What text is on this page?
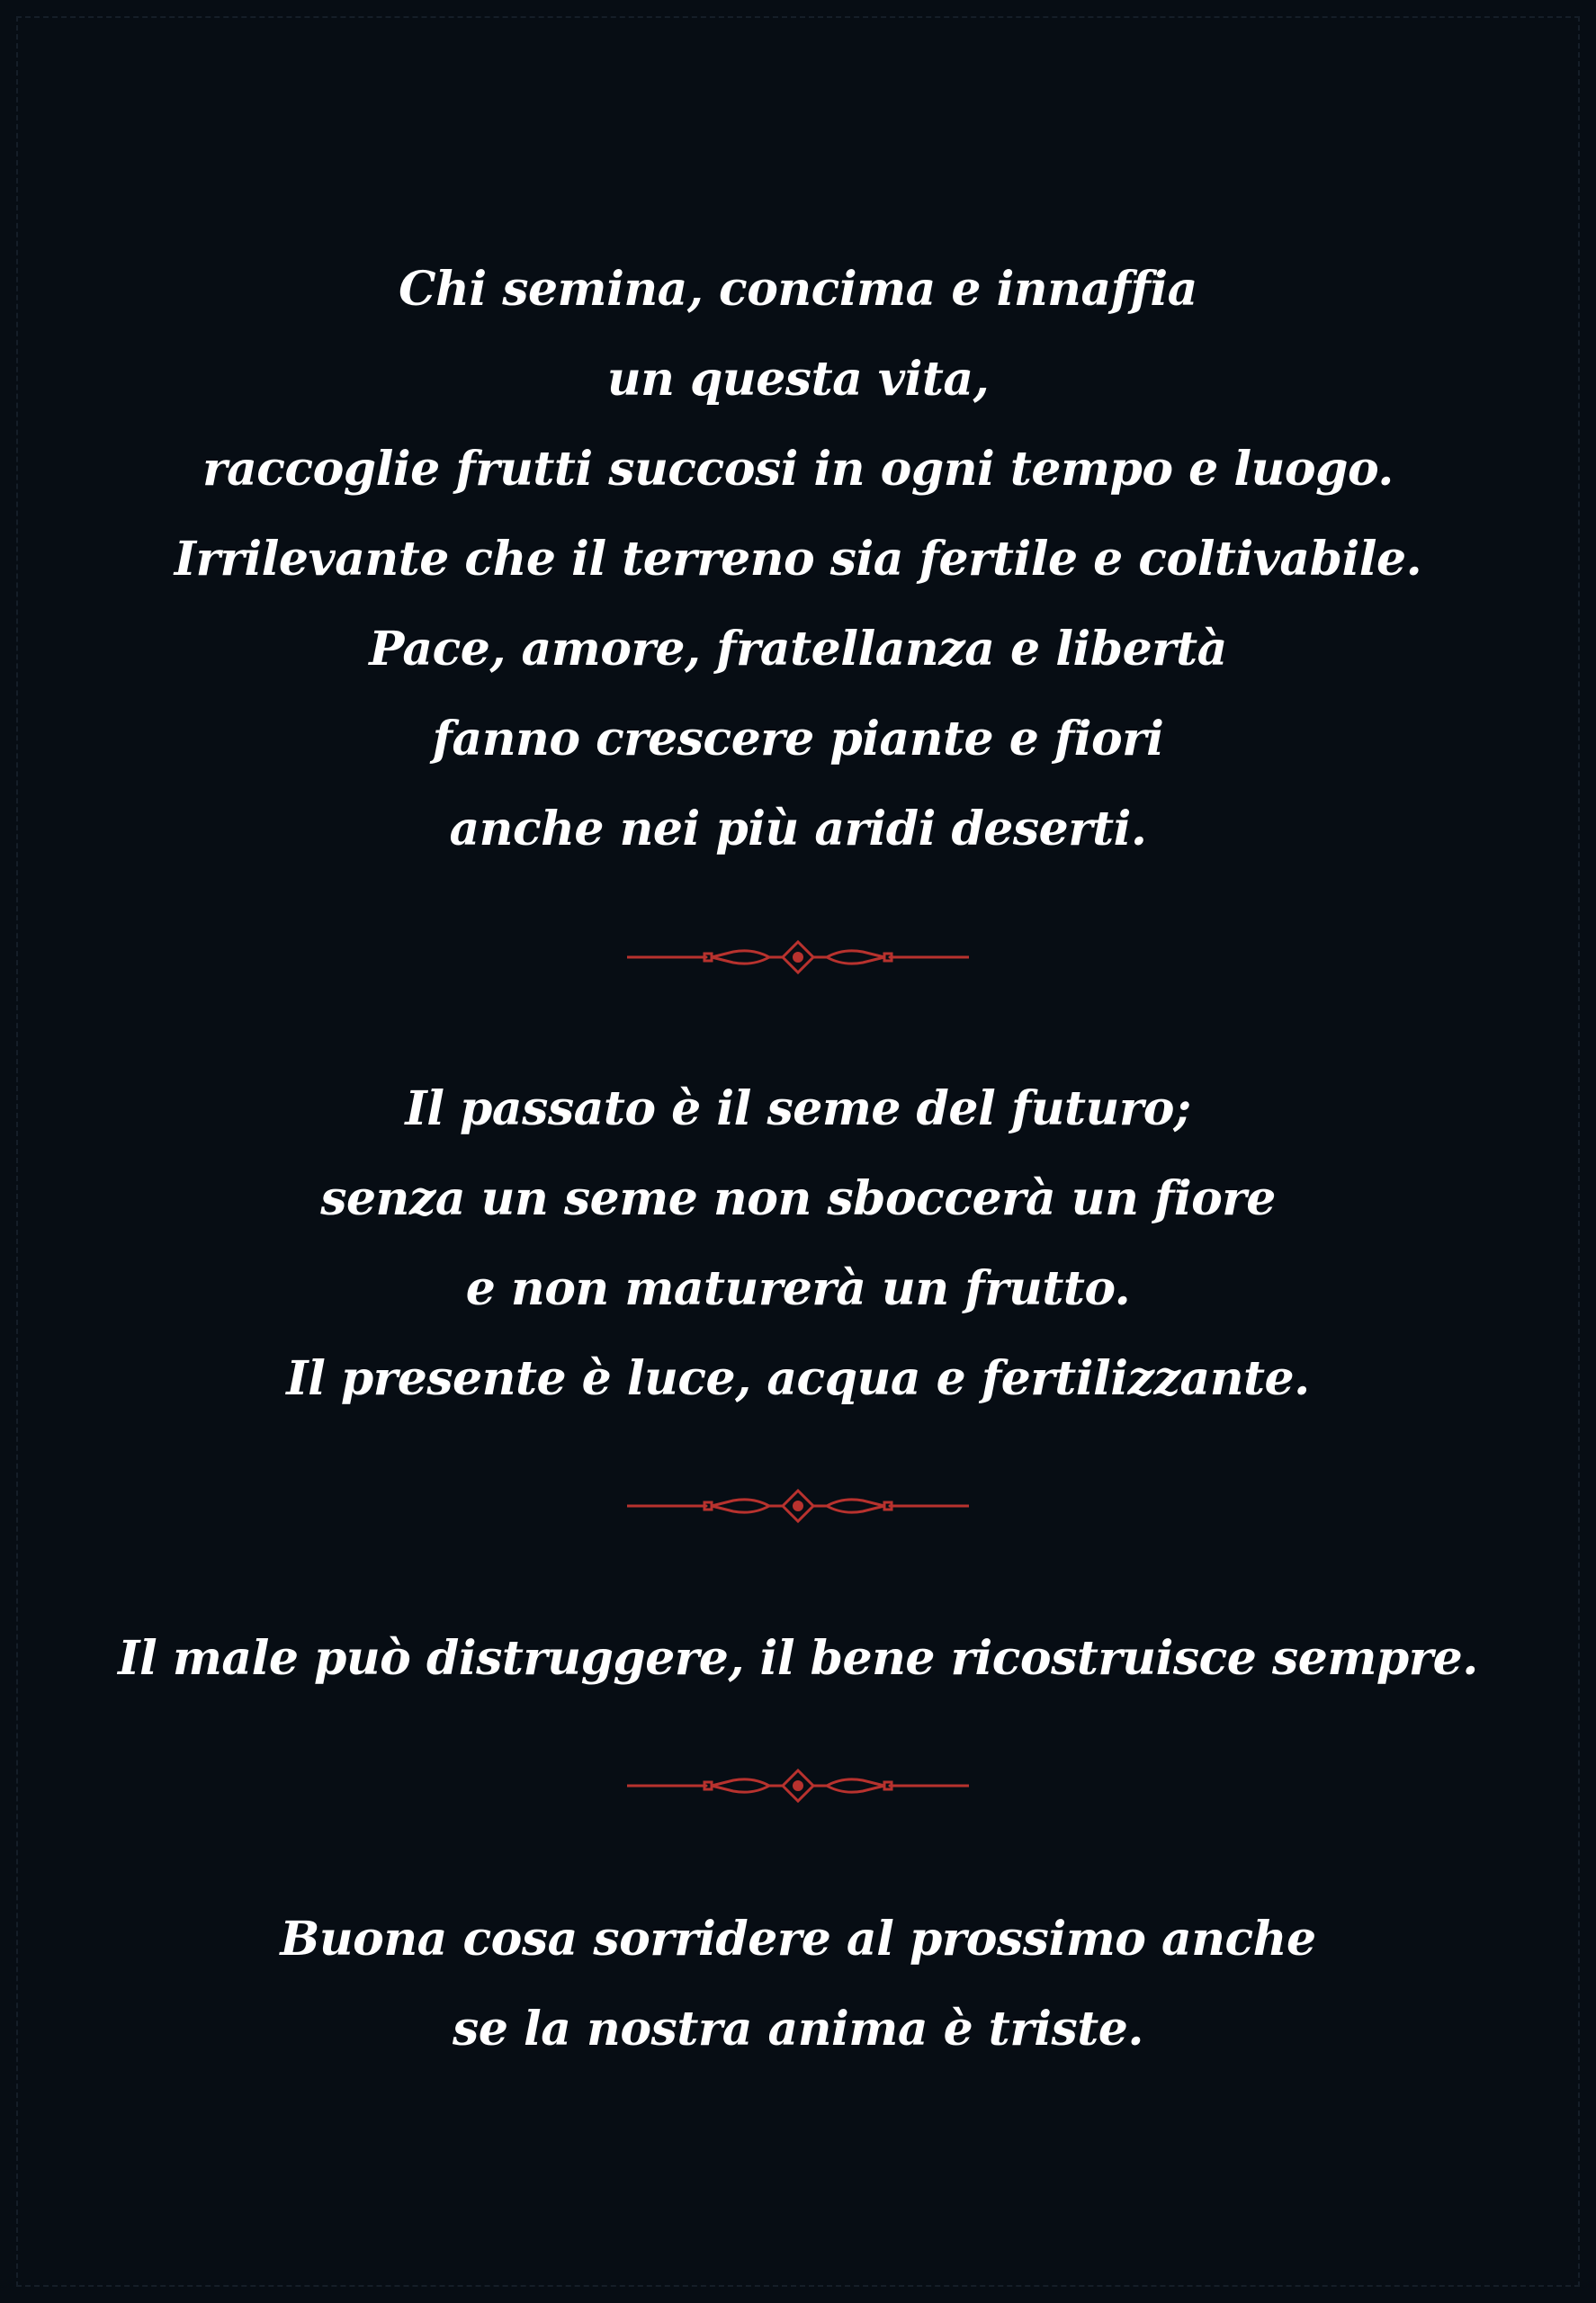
Chi semina, concima e innaffia
un questa vita,
raccoglie frutti succosi in ogni tempo e luogo.
Irrilevante che il terreno sia fertile e coltivabile.
Pace, amore, fratellanza e libertà
fanno crescere piante e fiori
anche nei più aridi deserti.
Il passato è il seme del futuro;
senza un seme non sboccerà un fiore
e non maturerà un frutto.
Il presente è luce, acqua e fertilizzante.
Il male può distruggere, il bene ricostruisce sempre.
Buona cosa sorridere al prossimo anche
se la nostra anima è triste.
